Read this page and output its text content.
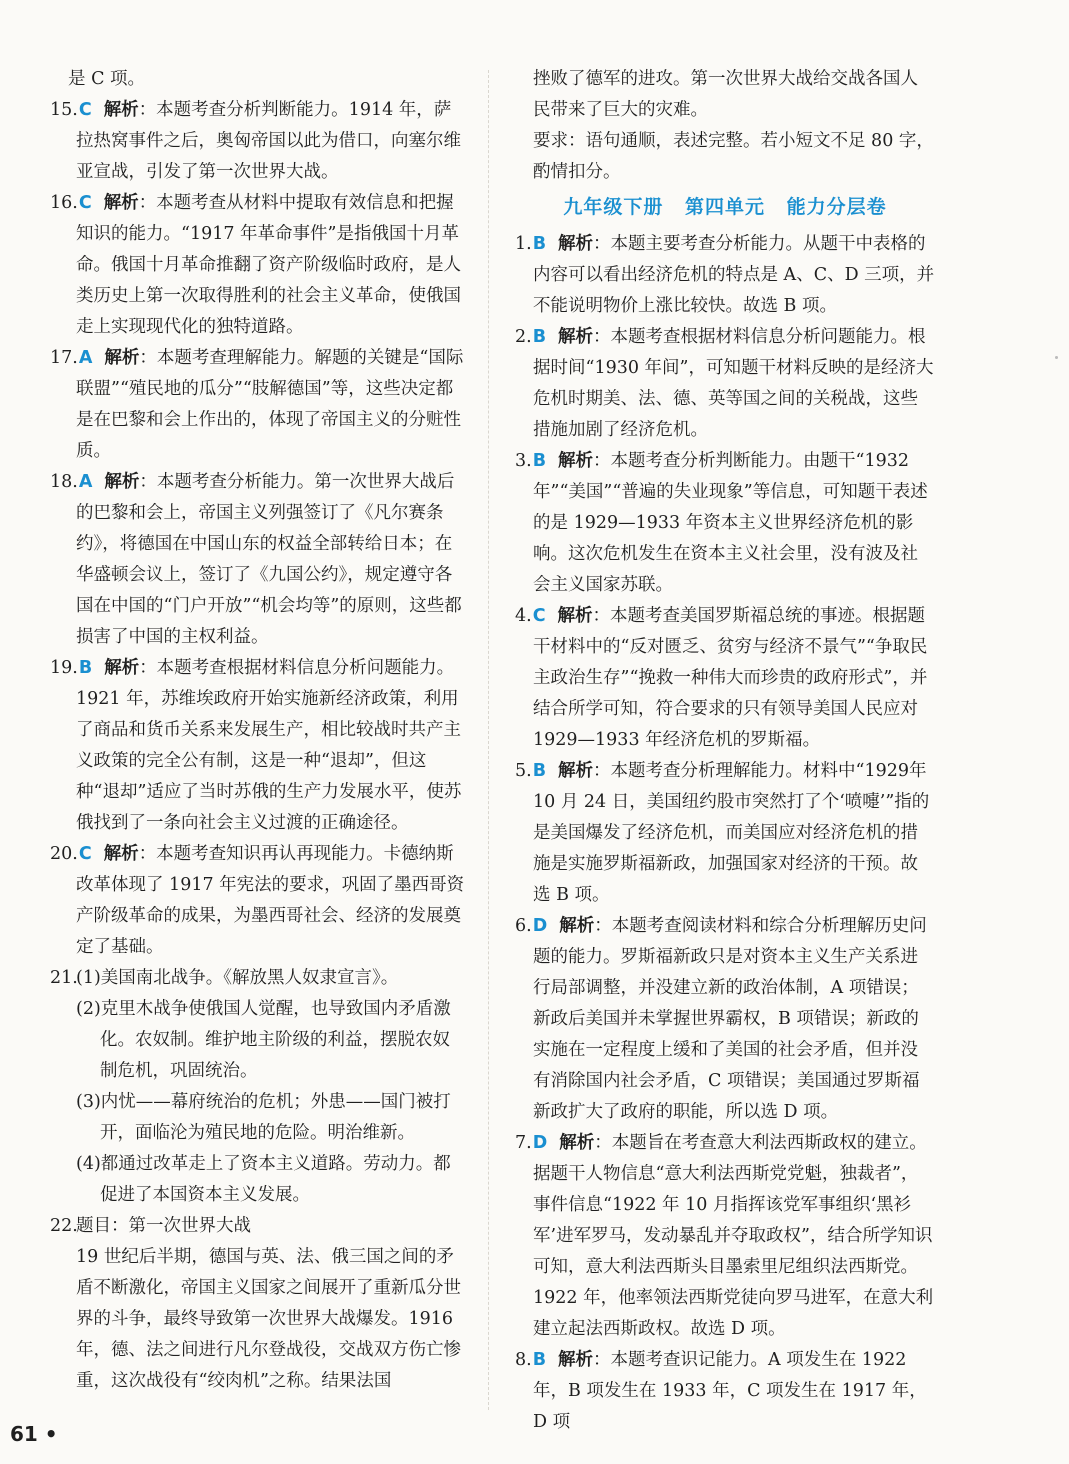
是 C 项。

15.C 解析：本题考查分析判断能力。1914 年，萨拉热窝事件之后，奥匈帝国以此为借口，向塞尔维亚宣战，引发了第一次世界大战。
16.C 解析：本题考查从材料中提取有效信息和把握知识的能力。“1917 年革命事件”是指俄国十月革命。俄国十月革命推翻了资产阶级临时政府，是人类历史上第一次取得胜利的社会主义革命，使俄国走上实现现代化的独特道路。
17.A 解析：本题考查理解能力。解题的关键是“国际联盟”“殖民地的瓜分”“肢解德国”等，这些决定都是在巴黎和会上作出的，体现了帝国主义的分赃性质。
18.A 解析：本题考查分析能力。第一次世界大战后的巴黎和会上，帝国主义列强签订了《凡尔赛条约》，将德国在中国山东的权益全部转给日本；在华盛顿会议上，签订了《九国公约》，规定遵守各国在中国的“门户开放”“机会均等”的原则，这些都损害了中国的主权利益。
19.B 解析：本题考查根据材料信息分析问题能力。1921 年，苏维埃政府开始实施新经济政策，利用了商品和货币关系来发展生产，相比较战时共产主义政策的完全公有制，这是一种“退却”，但这种“退却”适应了当时苏俄的生产力发展水平，使苏俄找到了一条向社会主义过渡的正确途径。
20.C 解析：本题考查知识再认再现能力。卡德纳斯改革体现了 1917 年宪法的要求，巩固了墨西哥资产阶级革命的成果，为墨西哥社会、经济的发展奠定了基础。
21.
(1)美国南北战争。《解放黑人奴隶宣言》。
(2)克里木战争使俄国人觉醒，也导致国内矛盾激化。农奴制。维护地主阶级的利益，摆脱农奴制危机，巩固统治。
(3)内忧——幕府统治的危机；外患——国门被打开，面临沦为殖民地的危险。明治维新。
(4)都通过改革走上了资本主义道路。劳动力。都促进了本国资本主义发展。
22.
题目：第一次世界大战
19 世纪后半期，德国与英、法、俄三国之间的矛盾不断激化，帝国主义国家之间展开了重新瓜分世界的斗争，最终导致第一次世界大战爆发。1916 年，德、法之间进行凡尔登战役，交战双方伤亡惨重，这次战役有“绞肉机”之称。结果法国

挫败了德军的进攻。第一次世界大战给交战各国人民带来了巨大的灾难。

要求：语句通顺，表述完整。若小短文不足 80 字，酌情扣分。

九年级下册 第四单元 能力分层卷
1.B 解析：本题主要考查分析能力。从题干中表格的内容可以看出经济危机的特点是 A、C、D 三项，并不能说明物价上涨比较快。故选 B 项。
2.B 解析：本题考查根据材料信息分析问题能力。根据时间“1930 年间”，可知题干材料反映的是经济大危机时期美、法、德、英等国之间的关税战，这些措施加剧了经济危机。
3.B 解析：本题考查分析判断能力。由题干“1932年”“美国”“普遍的失业现象”等信息，可知题干表述的是 1929—1933 年资本主义世界经济危机的影响。这次危机发生在资本主义社会里，没有波及社会主义国家苏联。
4.C 解析：本题考查美国罗斯福总统的事迹。根据题干材料中的“反对匮乏、贫穷与经济不景气”“争取民主政治生存”“挽救一种伟大而珍贵的政府形式”，并结合所学可知，符合要求的只有领导美国人民应对 1929—1933 年经济危机的罗斯福。
5.B 解析：本题考查分析理解能力。材料中“1929年 10 月 24 日，美国纽约股市突然打了个‘喷嚏’”指的是美国爆发了经济危机，而美国应对经济危机的措施是实施罗斯福新政，加强国家对经济的干预。故选 B 项。
6.D 解析：本题考查阅读材料和综合分析理解历史问题的能力。罗斯福新政只是对资本主义生产关系进行局部调整，并没建立新的政治体制，A 项错误；新政后美国并未掌握世界霸权，B 项错误；新政的实施在一定程度上缓和了美国的社会矛盾，但并没有消除国内社会矛盾，C 项错误；美国通过罗斯福新政扩大了政府的职能，所以选 D 项。
7.D 解析：本题旨在考查意大利法西斯政权的建立。据题干人物信息“意大利法西斯党党魁，独裁者”，事件信息“1922 年 10 月指挥该党军事组织‘黑衫军’进军罗马，发动暴乱并夺取政权”，结合所学知识可知，意大利法西斯头目墨索里尼组织法西斯党。1922 年，他率领法西斯党徒向罗马进军，在意大利建立起法西斯政权。故选 D 项。
8.B 解析：本题考查识记能力。A 项发生在 1922年，B 项发生在 1933 年，C 项发生在 1917 年，D 项
61 •
